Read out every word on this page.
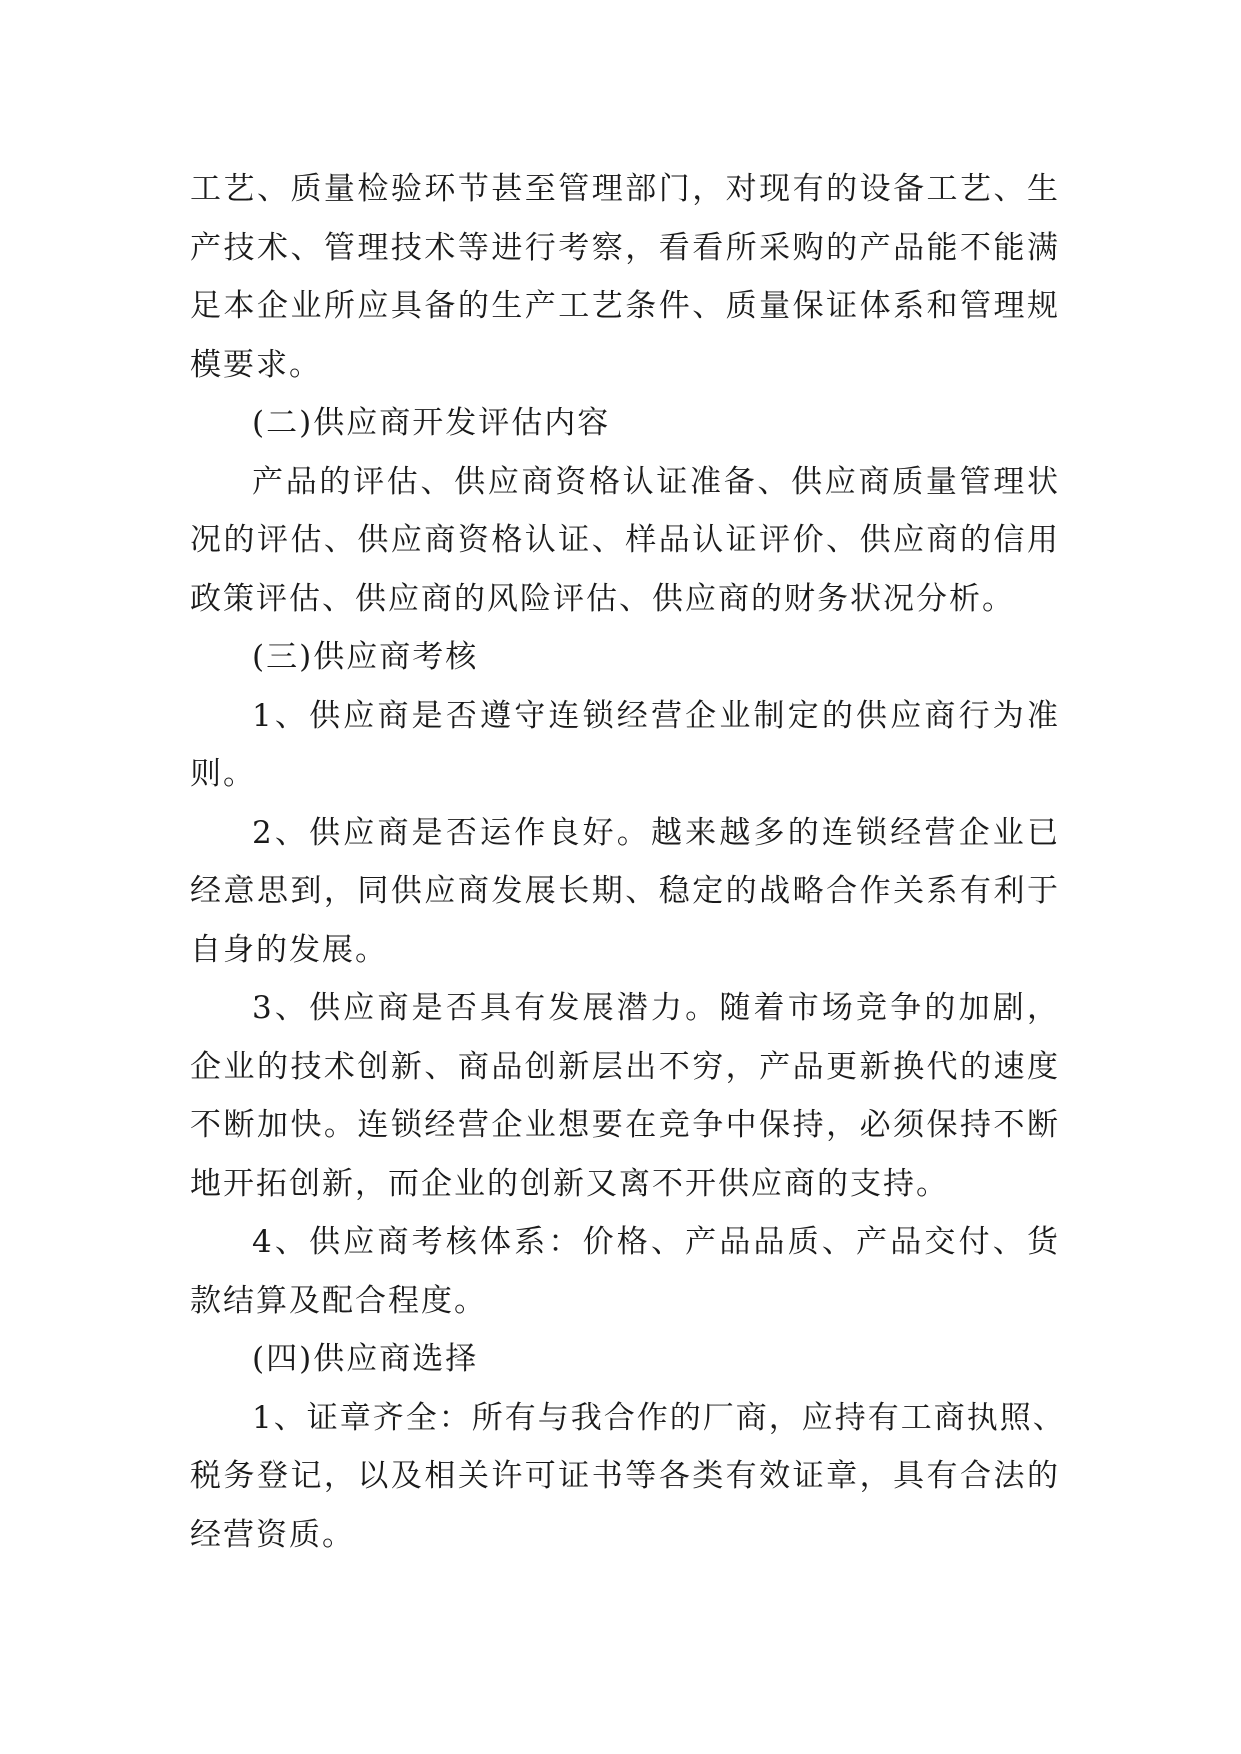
工艺、质量检验环节甚至管理部门，对现有的设备工艺、生
产技术、管理技术等进行考察，看看所采购的产品能不能满
足本企业所应具备的生产工艺条件、质量保证体系和管理规
模要求。

(二)供应商开发评估内容

产品的评估、供应商资格认证准备、供应商质量管理状
况的评估、供应商资格认证、样品认证评价、供应商的信用
政策评估、供应商的风险评估、供应商的财务状况分析。

(三)供应商考核

1、供应商是否遵守连锁经营企业制定的供应商行为准
则。

2、供应商是否运作良好。越来越多的连锁经营企业已
经意思到，同供应商发展长期、稳定的战略合作关系有利于
自身的发展。

3、供应商是否具有发展潜力。随着市场竞争的加剧，
企业的技术创新、商品创新层出不穷，产品更新换代的速度
不断加快。连锁经营企业想要在竞争中保持，必须保持不断
地开拓创新，而企业的创新又离不开供应商的支持。

4、供应商考核体系：价格、产品品质、产品交付、货
款结算及配合程度。

(四)供应商选择

1、证章齐全：所有与我合作的厂商，应持有工商执照、
税务登记，以及相关许可证书等各类有效证章，具有合法的
经营资质。
